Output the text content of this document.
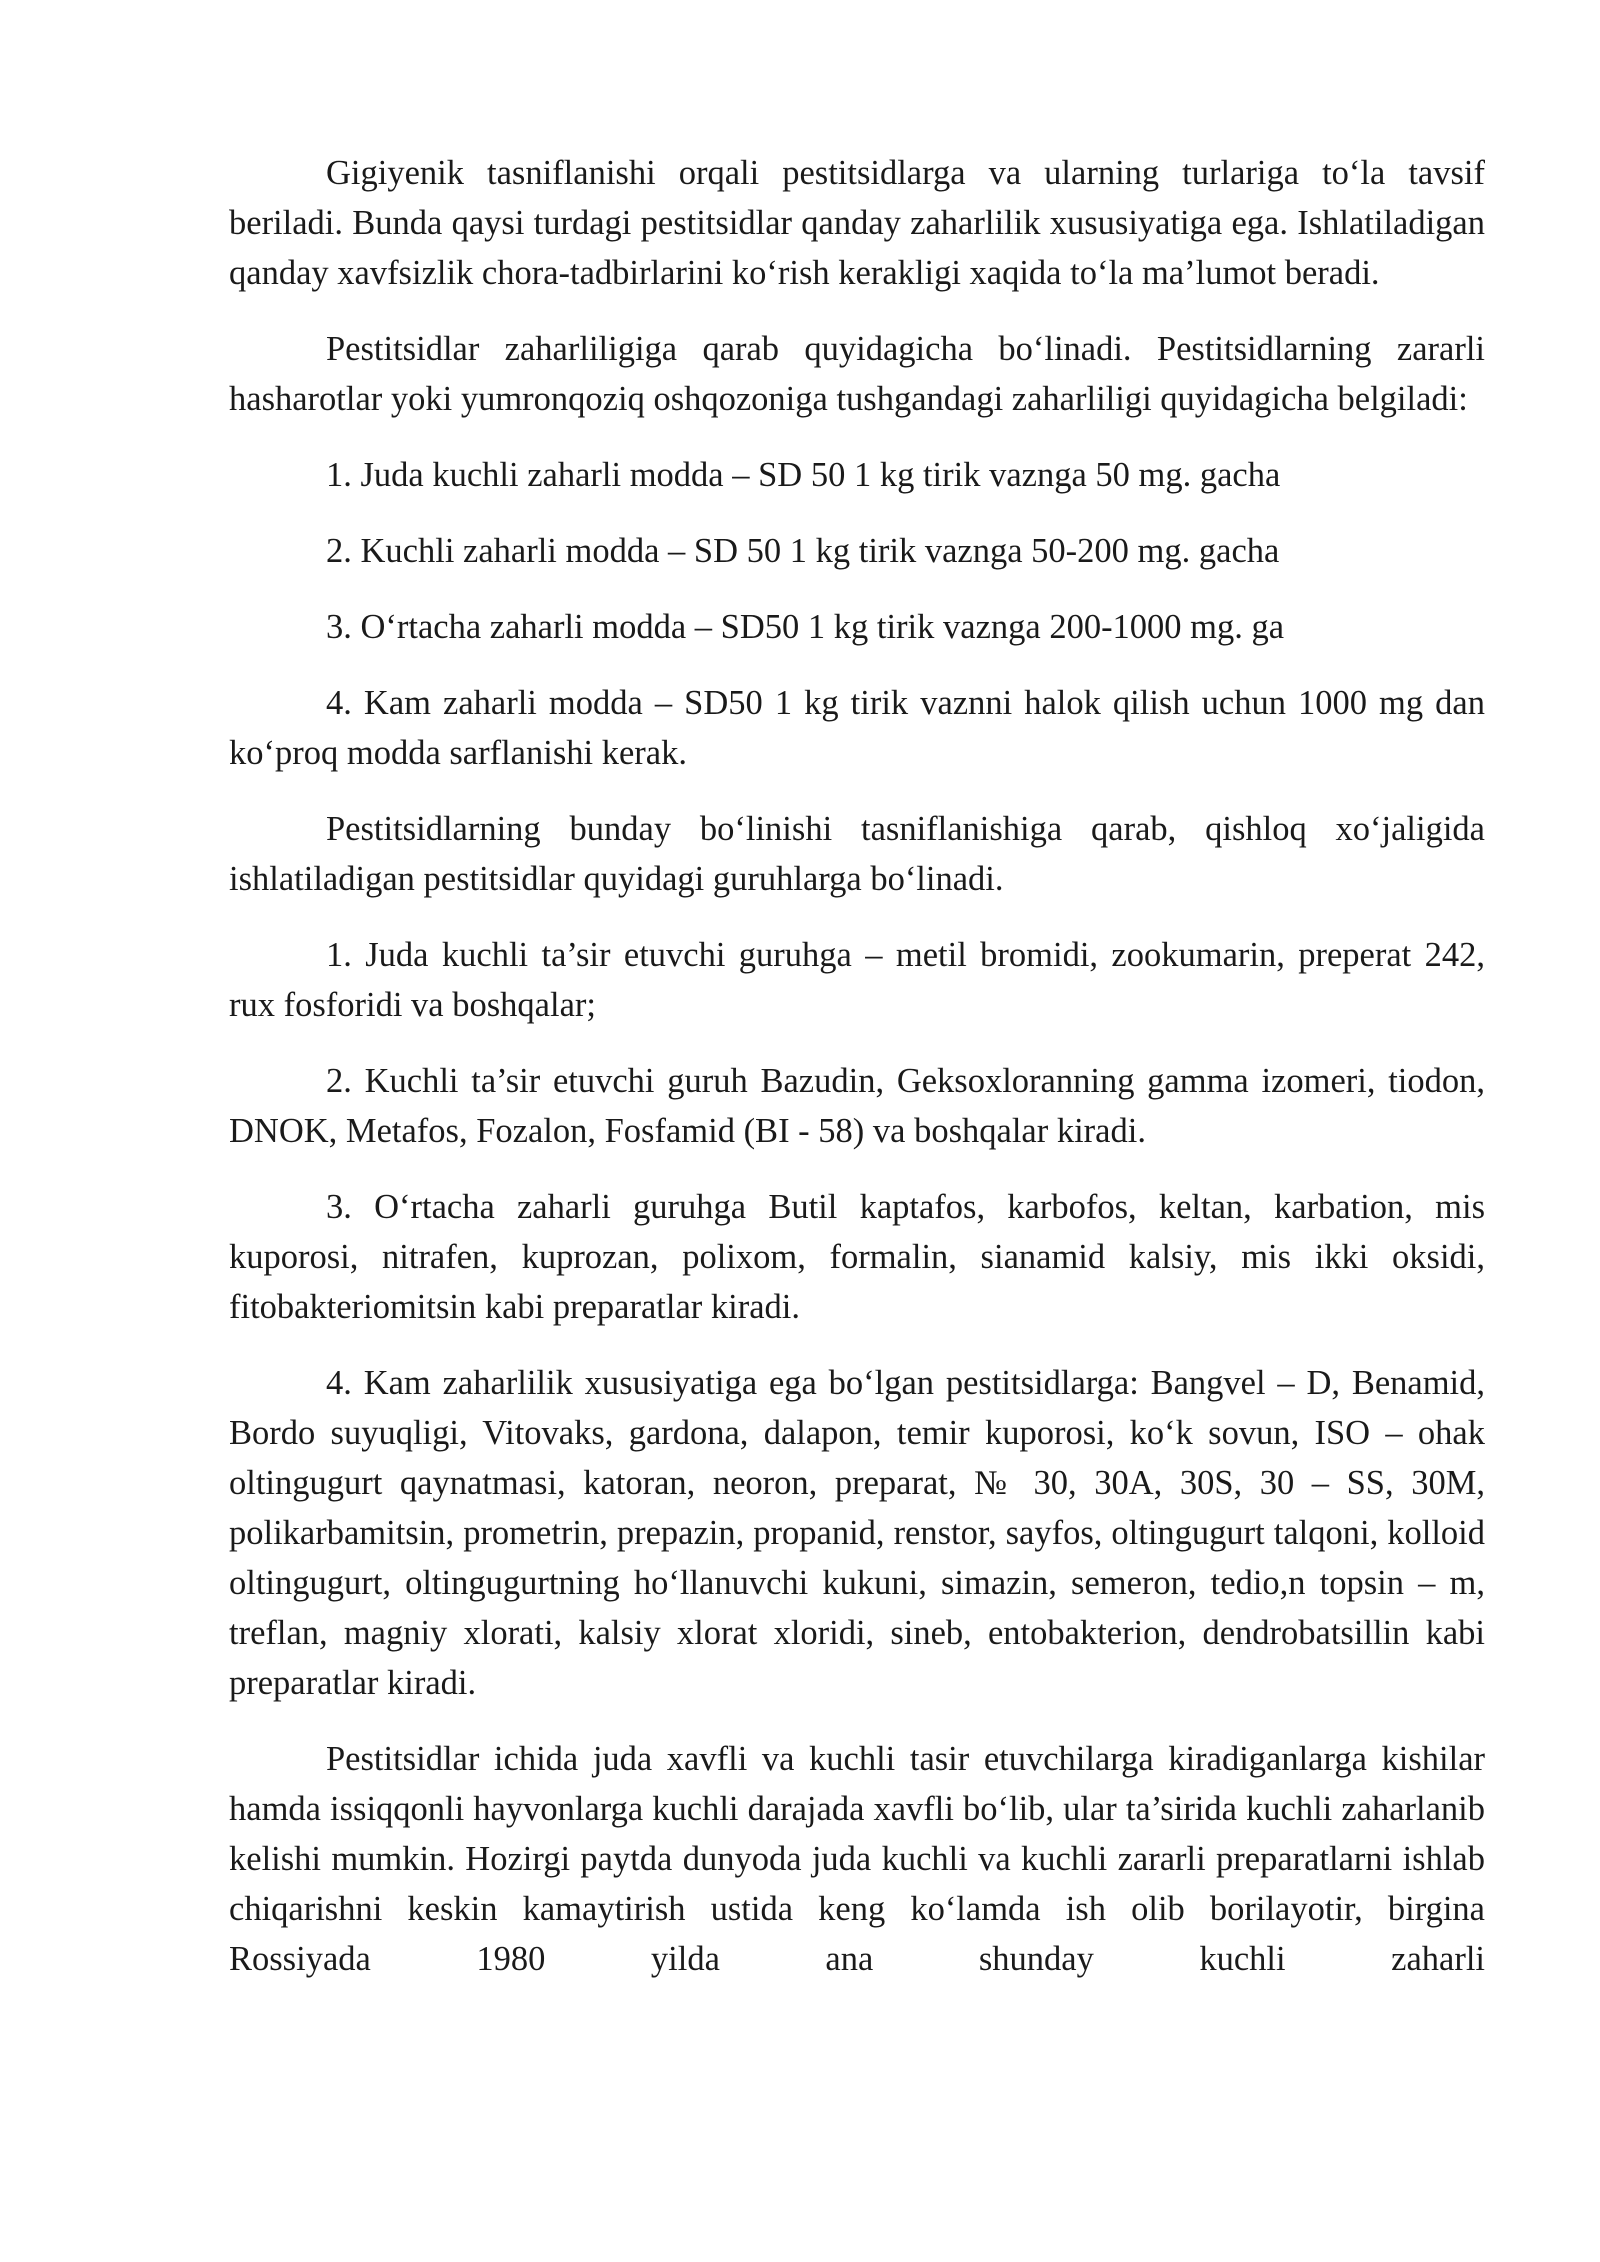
Gigiyenik tasniflanishi orqali pestitsidlarga va ularning turlariga to‘la tavsif beriladi. Bunda qaysi turdagi pestitsidlar qanday zaharlilik xususiyatiga ega. Ishlatiladigan qanday xavfsizlik chora-tadbirlarini ko‘rish kerakligi xaqida to‘la ma’lumot beradi.

Pestitsidlar zaharliligiga qarab quyidagicha bo‘linadi. Pestitsidlarning zararli hasharotlar yoki yumronqoziq oshqozoniga tushgandagi zaharliligi quyidagicha belgiladi:

1. Juda kuchli zaharli modda – SD 50 1 kg tirik vaznga 50 mg. gacha

2. Kuchli zaharli modda – SD 50 1 kg tirik vaznga 50-200 mg. gacha

3. O‘rtacha zaharli modda – SD50 1 kg tirik vaznga 200-1000 mg. ga

4. Kam zaharli modda – SD50 1 kg tirik vaznni halok qilish uchun 1000 mg dan ko‘proq modda sarflanishi kerak.

Pestitsidlarning bunday bo‘linishi tasniflanishiga qarab, qishloq xo‘jaligida ishlatiladigan pestitsidlar quyidagi guruhlarga bo‘linadi.

1. Juda kuchli ta’sir etuvchi guruhga – metil bromidi, zookumarin, preperat 242, rux fosforidi va boshqalar;

2. Kuchli ta’sir etuvchi guruh Bazudin, Geksoxloranning gamma izomeri, tiodon, DNOK, Metafos, Fozalon, Fosfamid (BI - 58) va boshqalar kiradi.

3. O‘rtacha zaharli guruhga Butil kaptafos, karbofos, keltan, karbation, mis kuporosi, nitrafen, kuprozan, polixom, formalin, sianamid kalsiy, mis ikki oksidi, fitobakteriomitsin kabi preparatlar kiradi.

4. Kam zaharlilik xususiyatiga ega bo‘lgan pestitsidlarga: Bangvel – D, Benamid, Bordo suyuqligi, Vitovaks, gardona, dalapon, temir kuporosi, ko‘k sovun, ISO – ohak oltingugurt qaynatmasi, katoran, neoron, preparat, № 30, 30A, 30S, 30 – SS, 30M, polikarbamitsin, prometrin, prepazin, propanid, renstor, sayfos, oltingugurt talqoni, kolloid oltingugurt, oltingugurtning ho‘llanuvchi kukuni, simazin, semeron, tedio,n topsin – m, treflan, magniy xlorati, kalsiy xlorat xloridi, sineb, entobakterion, dendrobatsillin kabi preparatlar kiradi.

Pestitsidlar ichida juda xavfli va kuchli tasir etuvchilarga kiradiganlarga kishilar hamda issiqqonli hayvonlarga kuchli darajada xavfli bo‘lib, ular ta’sirida kuchli zaharlanib kelishi mumkin. Hozirgi paytda dunyoda juda kuchli va kuchli zararli preparatlarni ishlab chiqarishni keskin kamaytirish ustida keng ko‘lamda ish olib borilayotir, birgina Rossiyada 1980 yilda ana shunday kuchli zaharli
